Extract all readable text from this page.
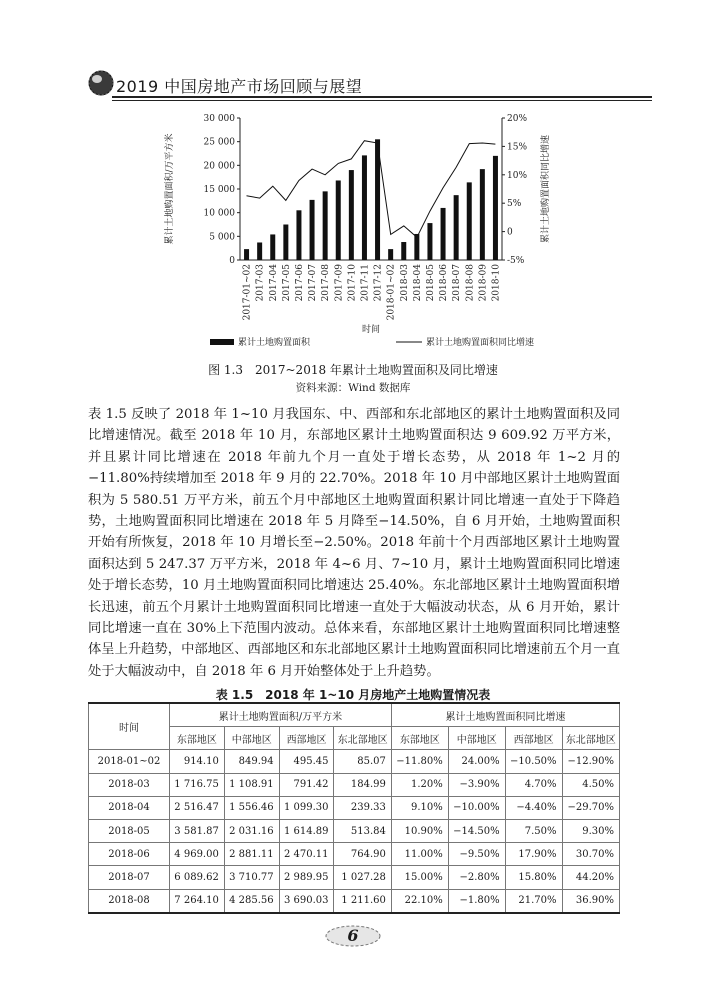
2019 中国房地产市场回顾与展望
0
5 000
10 000
15 000
20 000
25 000
30 000
-5%
0
5%
10%
15%
20%
累计土地购置面积/万平方米	累计土地购置面积同比增速
2017-01~02 2017-03 2017-04 2017-05 2017-06 2017-07 2017-08 2017-09 2017-10 2017-11 2017-12 2018-01~02 2018-03 2018-04 2018-05 2018-06 2018-07 2018-08 2018-09 2018-10
时间
累计土地购置面积	累计土地购置面积同比增速
图 1.3　2017~2018 年累计土地购置面积及同比增速
资料来源：Wind 数据库

表 1.5 反映了 2018 年 1~10 月我国东、中、西部和东北部地区的累计土地购置面积及同比增速情况。截至 2018 年 10 月，东部地区累计土地购置面积达 9 609.92 万平方米，并且累计同比增速在 2018 年前九个月一直处于增长态势，从 2018 年 1~2 月的 −11.80%持续增加至 2018 年 9 月的 22.70%。2018 年 10 月中部地区累计土地购置面积为 5 580.51 万平方米，前五个月中部地区土地购置面积累计同比增速一直处于下降趋势，土地购置面积同比增速在 2018 年 5 月降至−14.50%，自 6 月开始，土地购置面积开始有所恢复，2018 年 10 月增长至−2.50%。2018 年前十个月西部地区累计土地购置面积达到 5 247.37 万平方米，2018 年 4~6 月、7~10 月，累计土地购置面积同比增速处于增长态势，10 月土地购置面积同比增速达 25.40%。东北部地区累计土地购置面积增长迅速，前五个月累计土地购置面积同比增速一直处于大幅波动状态，从 6 月开始，累计同比增速一直在 30%上下范围内波动。总体来看，东部地区累计土地购置面积同比增速整体呈上升趋势，中部地区、西部地区和东北部地区累计土地购置面积同比增速前五个月一直处于大幅波动中，自 2018 年 6 月开始整体处于上升趋势。

表 1.5　2018 年 1~10 月房地产土地购置情况表
时间	累计土地购置面积/万平方米				累计土地购置面积同比增速			
	东部地区	中部地区	西部地区	东北部地区	东部地区	中部地区	西部地区	东北部地区
2018-01~02	914.10	849.94	495.45	85.07	−11.80%	24.00%	−10.50%	−12.90%
2018-03	1 716.75	1 108.91	791.42	184.99	1.20%	−3.90%	4.70%	4.50%
2018-04	2 516.47	1 556.46	1 099.30	239.33	9.10%	−10.00%	−4.40%	−29.70%
2018-05	3 581.87	2 031.16	1 614.89	513.84	10.90%	−14.50%	7.50%	9.30%
2018-06	4 969.00	2 881.11	2 470.11	764.90	11.00%	−9.50%	17.90%	30.70%
2018-07	6 089.62	3 710.77	2 989.95	1 027.28	15.00%	−2.80%	15.80%	44.20%
2018-08	7 264.10	4 285.56	3 690.03	1 211.60	22.10%	−1.80%	21.70%	36.90%
6
